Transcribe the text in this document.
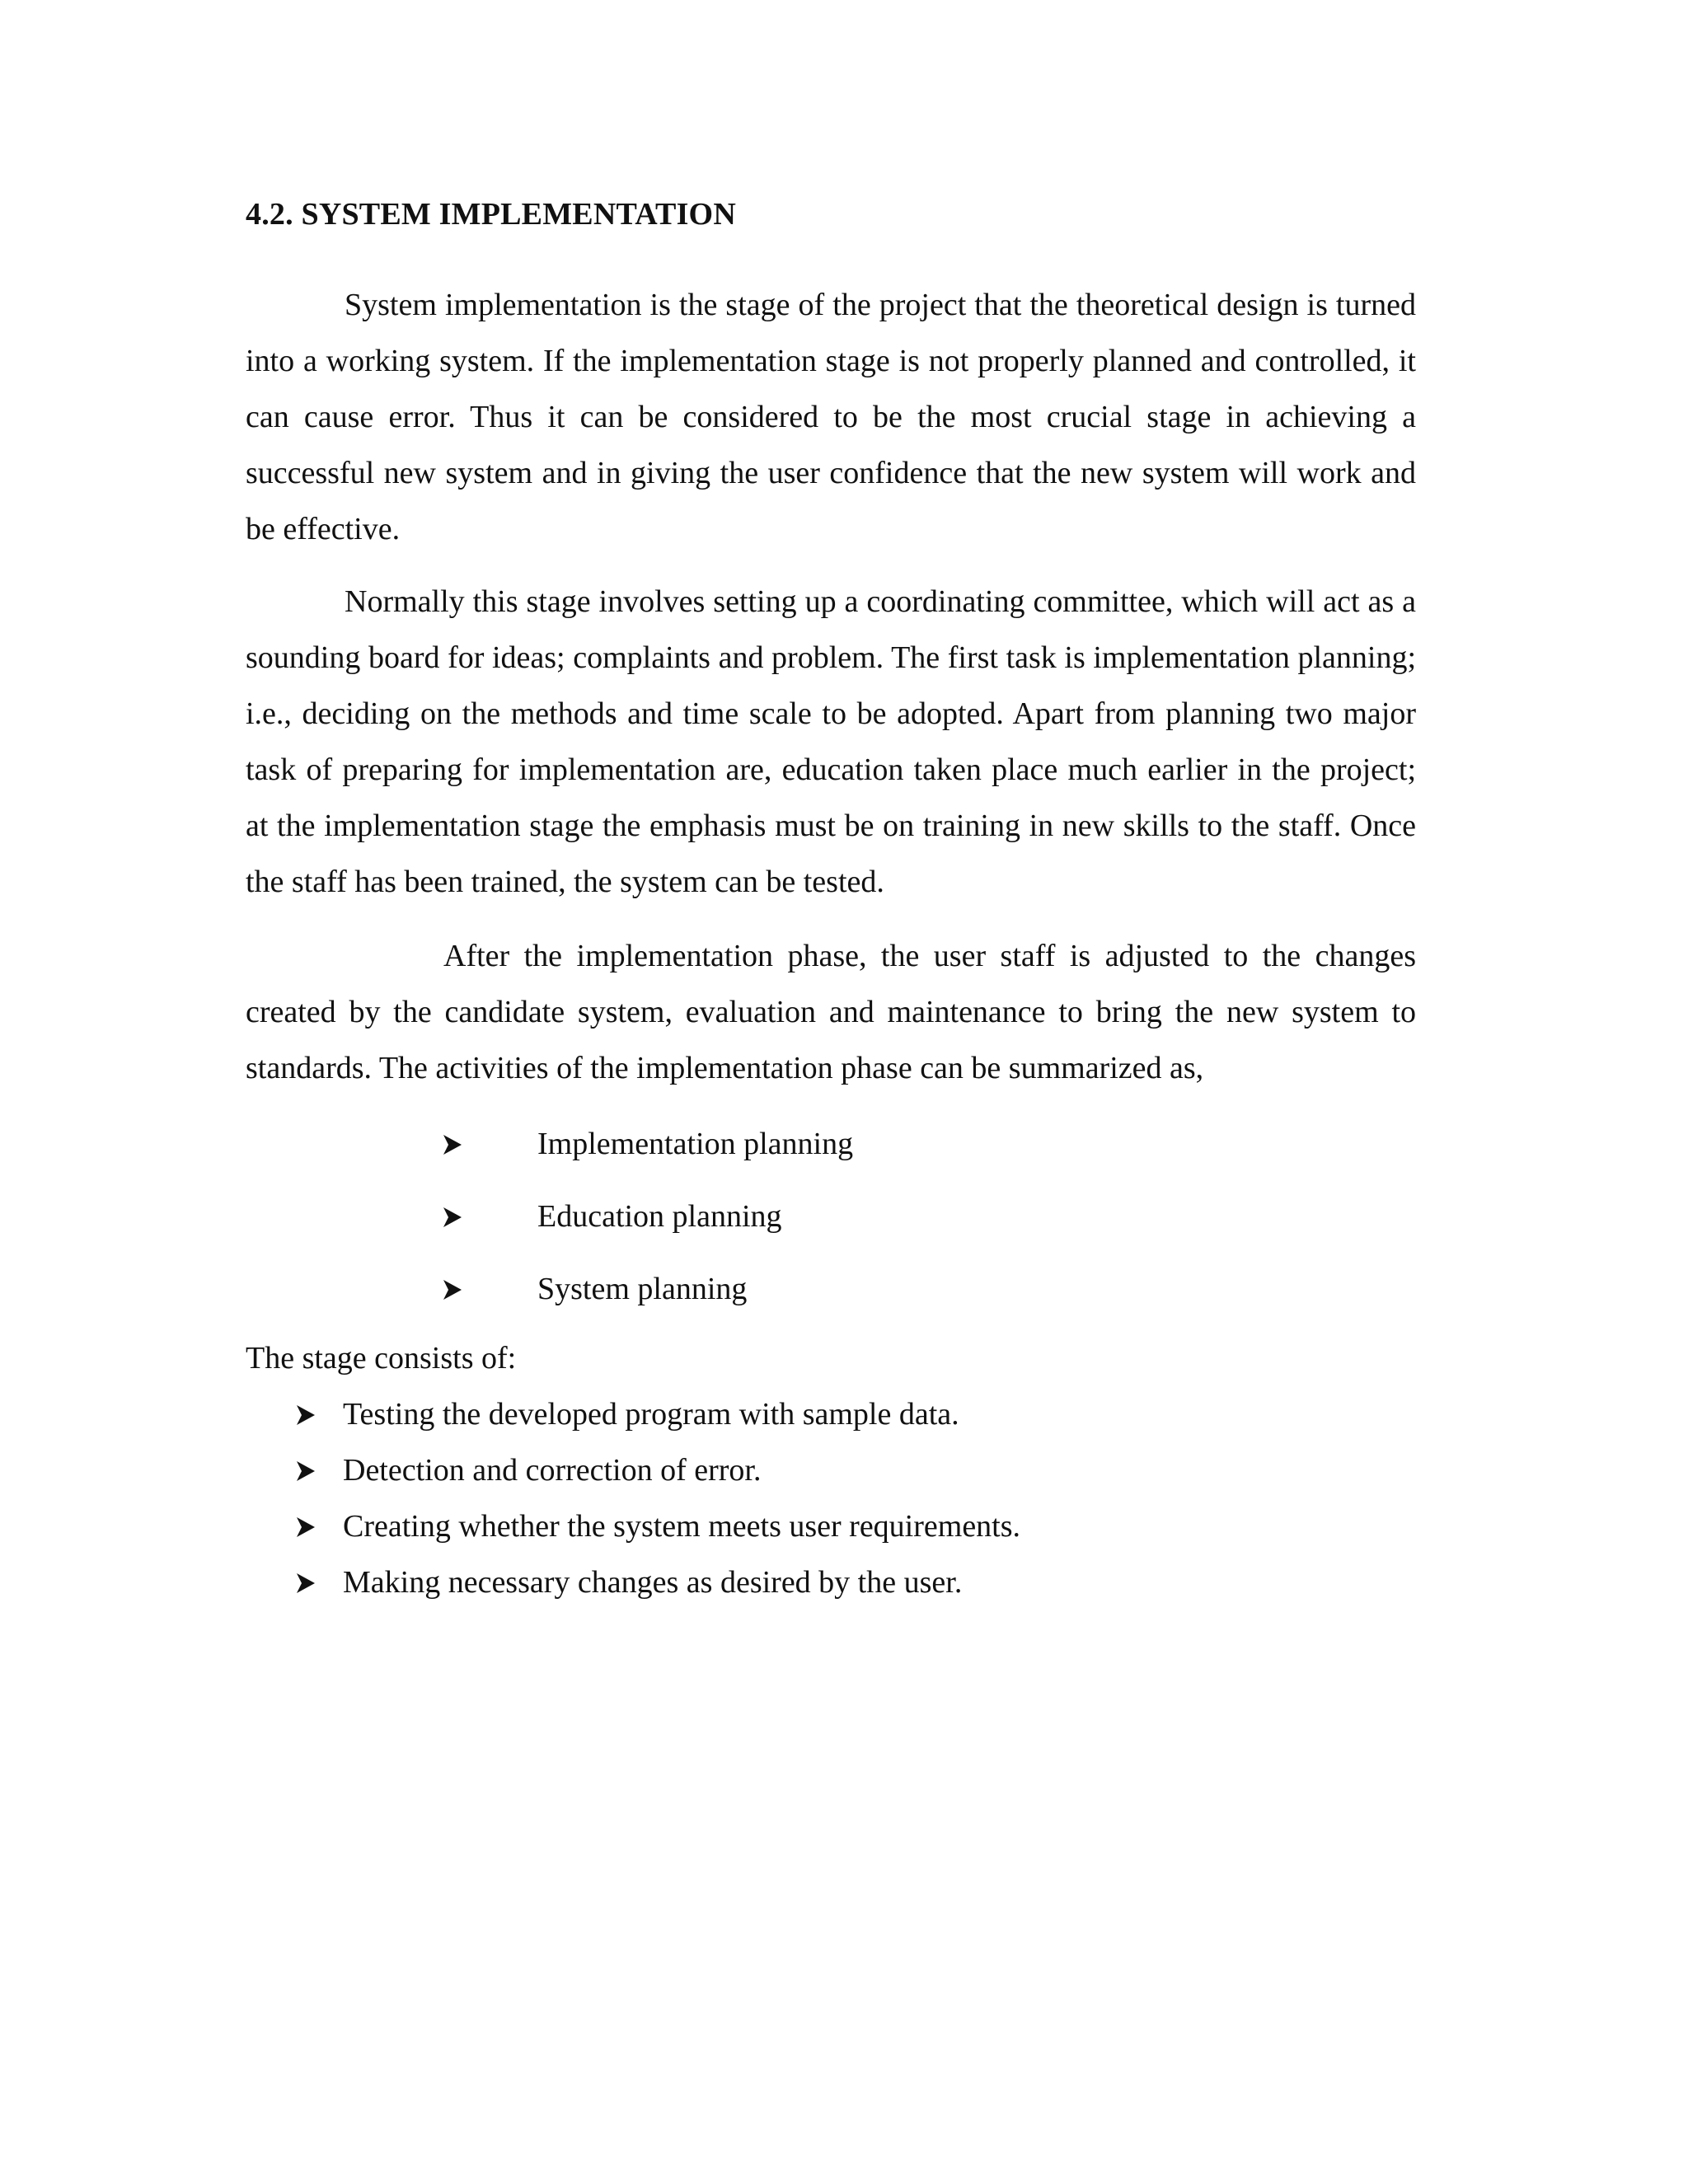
4.2. SYSTEM IMPLEMENTATION

System implementation is the stage of the project that the theoretical design is turned into a working system. If the implementation stage is not properly planned and controlled, it can cause error. Thus it can be considered to be the most crucial stage in achieving a successful new system and in giving the user confidence that the new system will work and be effective.

Normally this stage involves setting up a coordinating committee, which will act as a sounding board for ideas; complaints and problem. The first task is implementation planning; i.e., deciding on the methods and time scale to be adopted. Apart from planning two major task of preparing for implementation are, education taken place much earlier in the project; at the implementation stage the emphasis must be on training in new skills to the staff. Once the staff has been trained, the system can be tested.

After the implementation phase, the user staff is adjusted to the changes created by the candidate system, evaluation and maintenance to bring the new system to standards. The activities of the implementation phase can be summarized as,

Implementation planning
Education planning
System planning

The stage consists of:

Testing the developed program with sample data.
Detection and correction of error.
Creating whether the system meets user requirements.
Making necessary changes as desired by the user.
